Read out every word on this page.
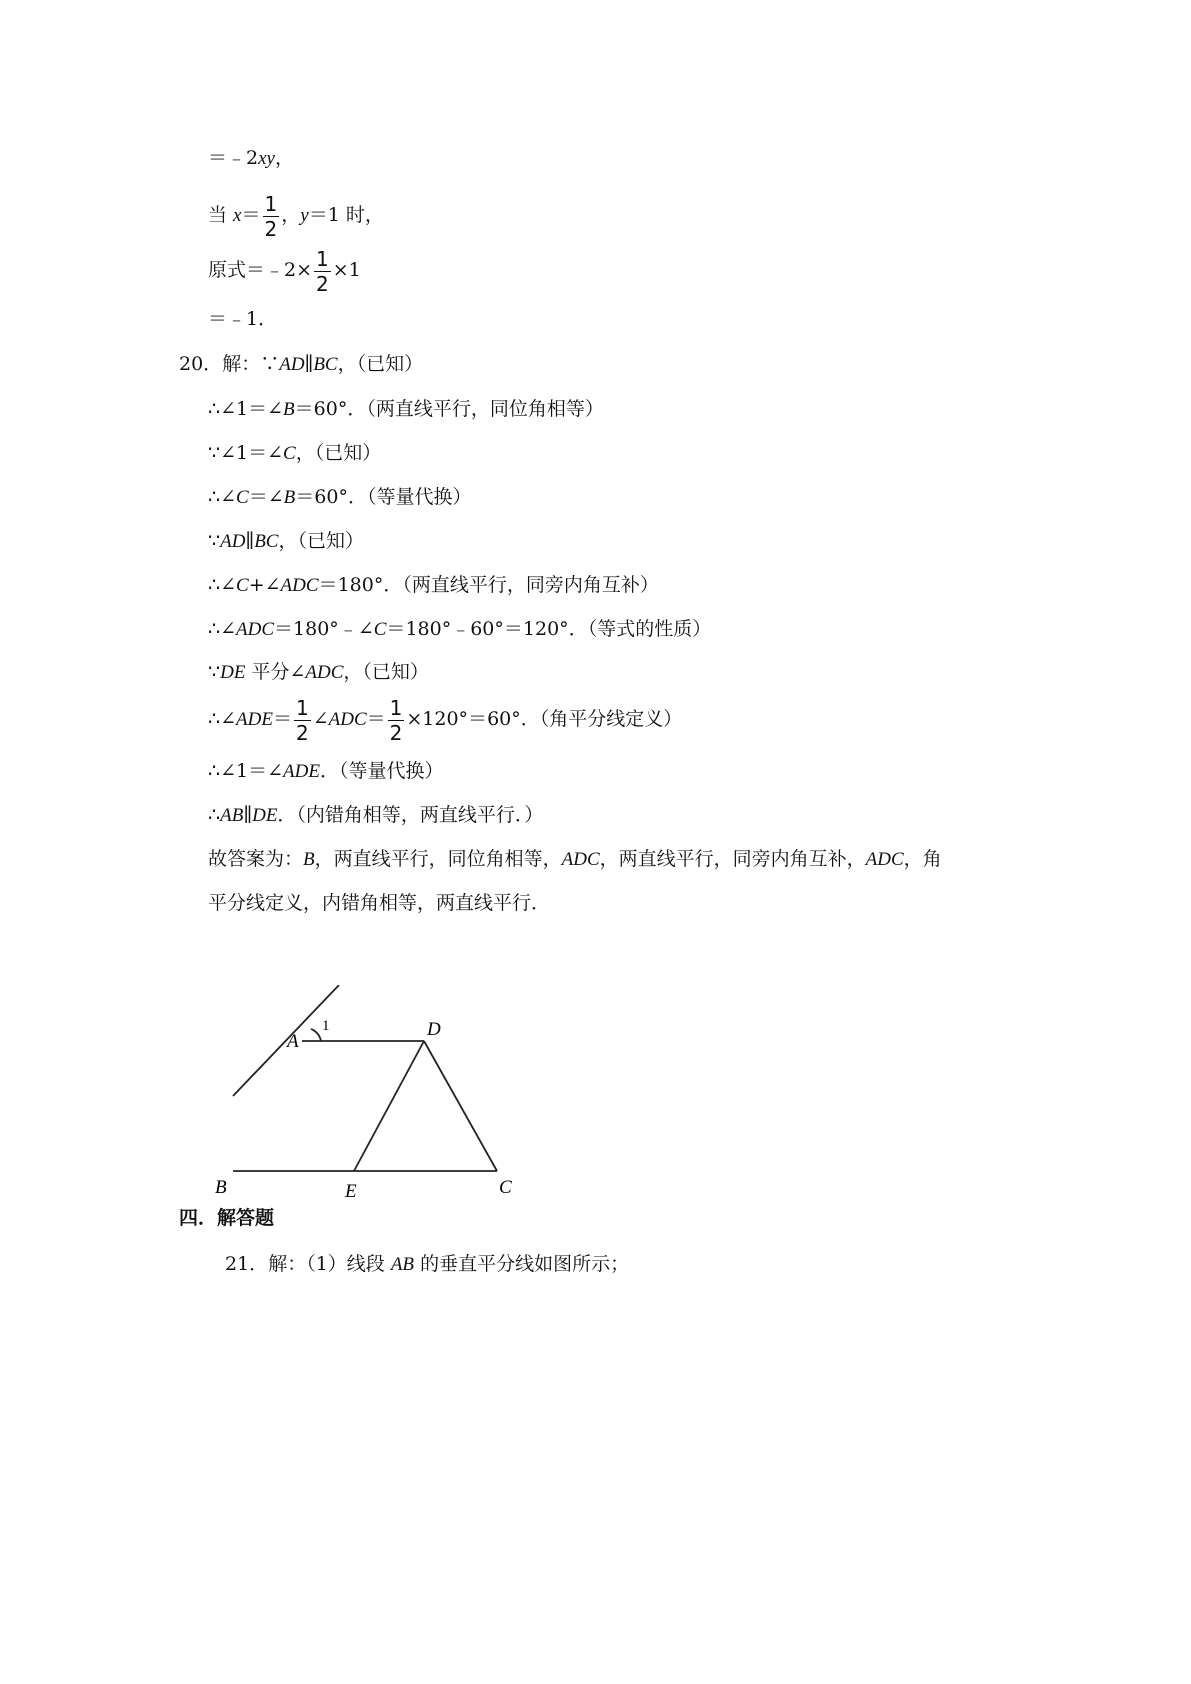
＝﹣2xy，
当 $x= \frac{1}{2}$ ，y＝1 时，
原式＝﹣2× $\frac{1}{2} \times 1$
＝﹣1．
20．解：∵AD∥BC，（已知）
∴∠1＝∠B＝60°．（两直线平行，同位角相等）
∵∠1＝∠C，（已知）
∴∠C＝∠B＝60°．（等量代换）
∵AD∥BC，（已知）
∴∠C+∠ADC＝180°．（两直线平行，同旁内角互补）
∴∠ADC＝180°﹣∠C＝180°﹣60°＝120°．（等式的性质）
∵DE 平分∠ADC，（已知）
∴∠ADE＝ $\frac{1}{2}$ ∠ADC＝ $\frac{1}{2} \times 120^\circ=60^\circ$．（角平分线定义）
∴∠1＝∠ADE．（等量代换）
∴AB∥DE．（内错角相等，两直线平行．）
故答案为：B，两直线平行，同位角相等，ADC，两直线平行，同旁内角互补，ADC，角
平分线定义，内错角相等，两直线平行．
A
B	C
D
E
1
四．解答题
21．解：（1）线段 AB 的垂直平分线如图所示；
